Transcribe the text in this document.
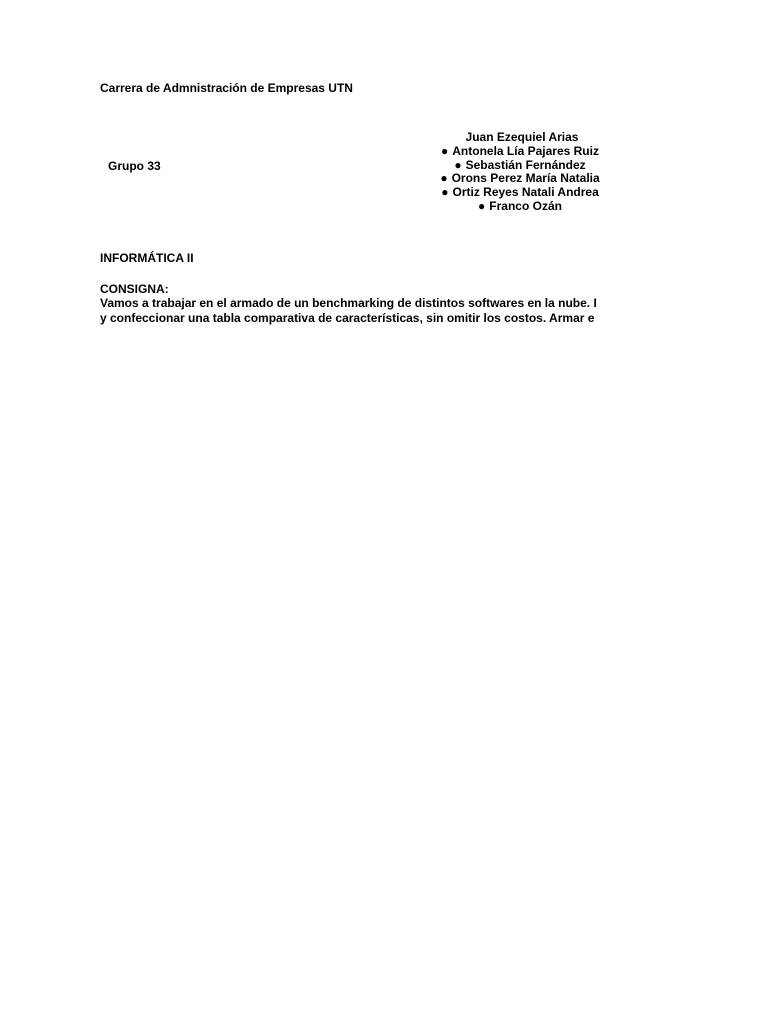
Carrera de Admnistración de Empresas UTN
Grupo 33
Juan Ezequiel Arias
● Antonela Lía Pajares Ruiz
● Sebastián Fernández
● Orons Perez María Natalia
● Ortiz Reyes Natali Andrea
● Franco Ozán
INFORMÁTICA II
CONSIGNA:
Vamos a trabajar en el armado de un benchmarking de distintos softwares en la nube. I
y confeccionar una tabla comparativa de características, sin omitir los costos. Armar e
